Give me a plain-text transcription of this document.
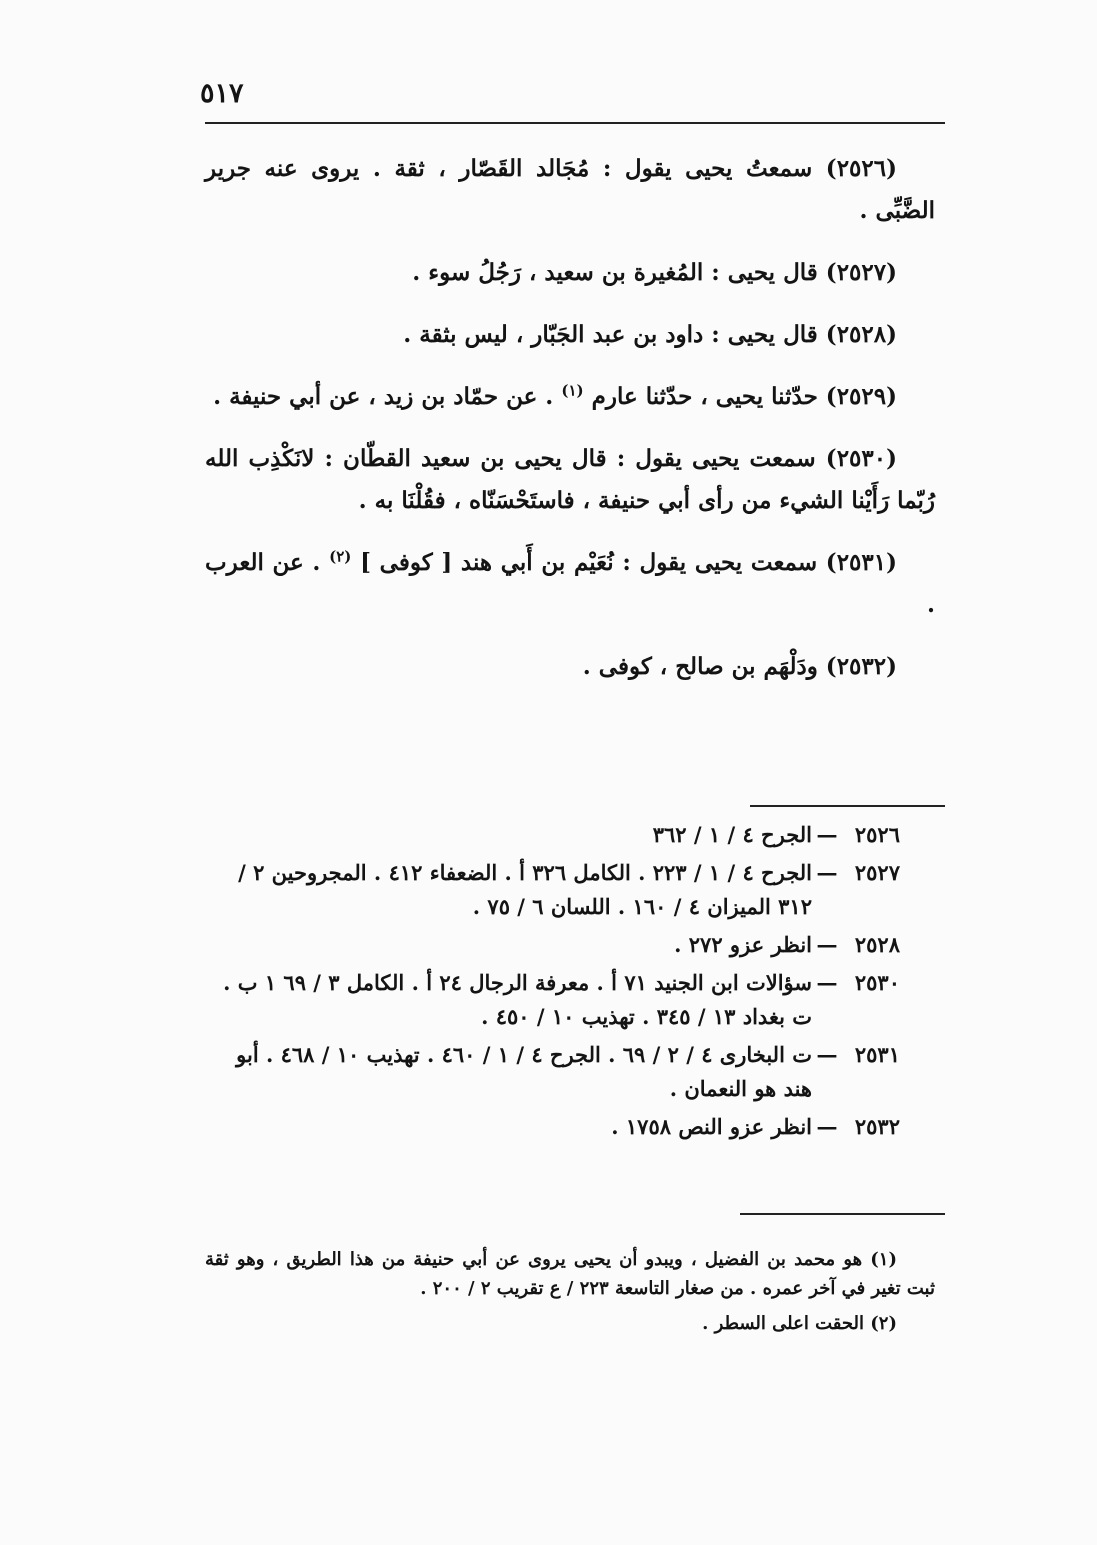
٥١٧

(٢٥٢٦) سمعتُ يحيى يقول : مُجَالد القَصّار ، ثقة . يروى عنه جرير الضَّبِّى .

(٢٥٢٧) قال يحيى : المُغيرة بن سعيد ، رَجُلُ سوء .

(٢٥٢٨) قال يحيى : داود بن عبد الجَبّار ، ليس بثقة .

(٢٥٢٩) حدّثنا يحيى ، حدّثنا عارم $^{(١)}$ . عن حمّاد بن زيد ، عن أبي حنيفة .

(٢٥٣٠) سمعت يحيى يقول : قال يحيى بن سعيد القطّان : لانَكْذِب الله رُبّما رَأَيْنا الشيء من رأى أبي حنيفة ، فاستَحْسَنّاه ، فقُلْنَا به .

(٢٥٣١) سمعت يحيى يقول : نُعَيْم بن أَبي هند [ كوفى ] $^{(٢)}$ . عن العرب .

(٢٥٣٢) ودَلْهَم بن صالح ، كوفى .

٢٥٢٦
—
الجرح ٤ / ١ / ٣٦٢
٢٥٢٧
—
الجرح ٤ / ١ / ٢٢٣ . الكامل ٣٢٦ أ . الضعفاء ٤١٢ . المجروحين ٢ / ٣١٢ الميزان ٤ / ١٦٠ . اللسان ٦ / ٧٥ .
٢٥٢٨
—
انظر عزو ٢٧٢ .
٢٥٣٠
—
سؤالات ابن الجنيد ٧١ أ . معرفة الرجال ٢٤ أ . الكامل ٣ / ٦٩ ١ ب . ت بغداد ١٣ / ٣٤٥ . تهذيب ١٠ / ٤٥٠ .
٢٥٣١
—
ت البخارى ٤ / ٢ / ٦٩ . الجرح ٤ / ١ / ٤٦٠ . تهذيب ١٠ / ٤٦٨ . أبو هند هو النعمان .
٢٥٣٢
—
انظر عزو النص ١٧٥٨ .

(١) هو محمد بن الفضيل ، ويبدو أن يحيى يروى عن أبي حنيفة من هذا الطريق ، وهو ثقة ثبت تغير في آخر عمره . من صغار التاسعة ٢٢٣ / ع تقريب ٢ / ٢٠٠ .

(٢) الحقت اعلى السطر .
